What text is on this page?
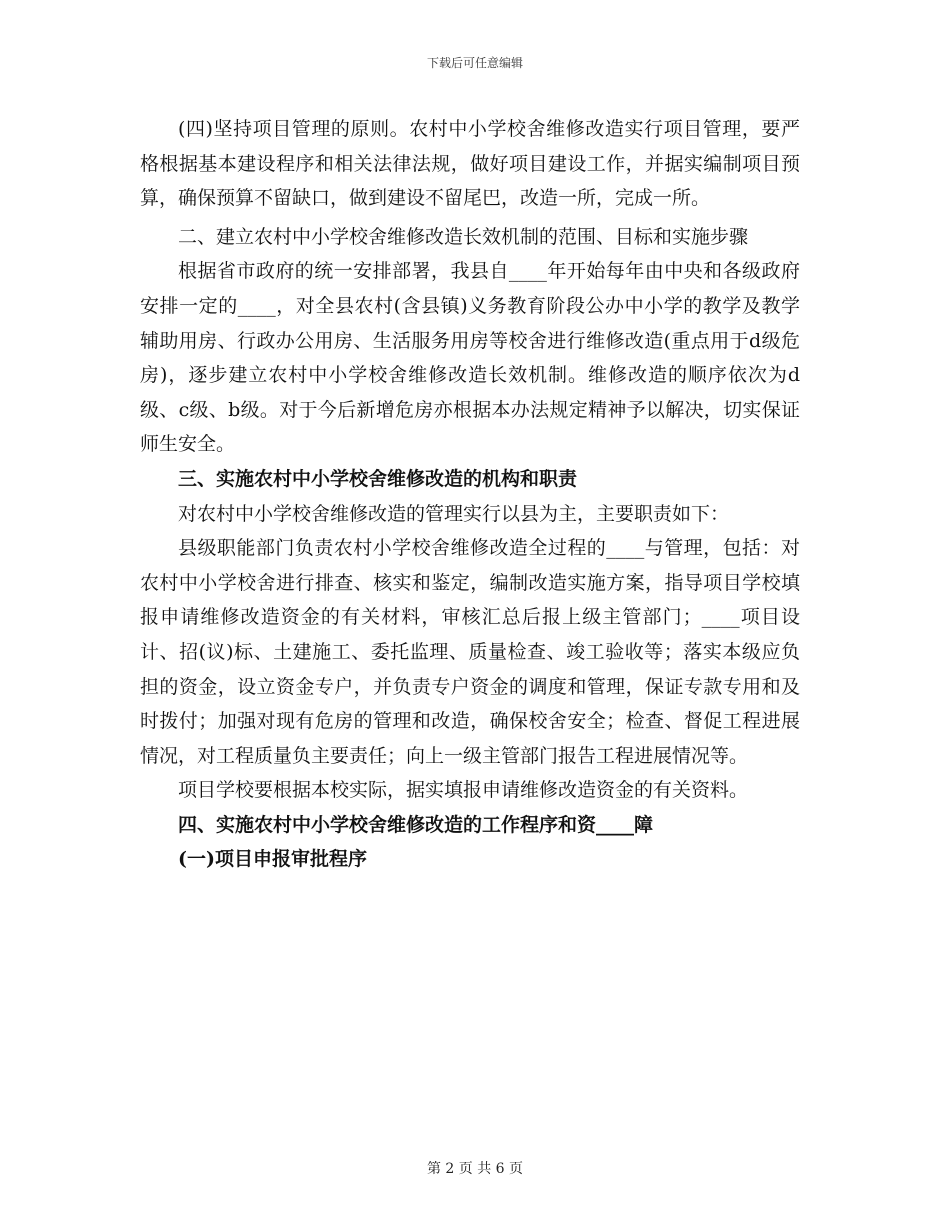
下载后可任意编辑

(四)坚持项目管理的原则。农村中小学校舍维修改造实行项目管理，要严格根据基本建设程序和相关法律法规，做好项目建设工作，并据实编制项目预算，确保预算不留缺口，做到建设不留尾巴，改造一所，完成一所。

二、建立农村中小学校舍维修改造长效机制的范围、目标和实施步骤

根据省市政府的统一安排部署，我县自____年开始每年由中央和各级政府安排一定的____，对全县农村(含县镇)义务教育阶段公办中小学的教学及教学辅助用房、行政办公用房、生活服务用房等校舍进行维修改造(重点用于d级危房)，逐步建立农村中小学校舍维修改造长效机制。维修改造的顺序依次为d级、c级、b级。对于今后新增危房亦根据本办法规定精神予以解决，切实保证师生安全。

三、实施农村中小学校舍维修改造的机构和职责

对农村中小学校舍维修改造的管理实行以县为主，主要职责如下：

县级职能部门负责农村小学校舍维修改造全过程的____与管理，包括：对农村中小学校舍进行排查、核实和鉴定，编制改造实施方案，指导项目学校填报申请维修改造资金的有关材料，审核汇总后报上级主管部门；____项目设计、招(议)标、土建施工、委托监理、质量检查、竣工验收等；落实本级应负担的资金，设立资金专户，并负责专户资金的调度和管理，保证专款专用和及时拨付；加强对现有危房的管理和改造，确保校舍安全；检查、督促工程进展情况，对工程质量负主要责任；向上一级主管部门报告工程进展情况等。

项目学校要根据本校实际，据实填报申请维修改造资金的有关资料。

四、实施农村中小学校舍维修改造的工作程序和资____障

(一)项目申报审批程序

第 2 页 共 6 页
